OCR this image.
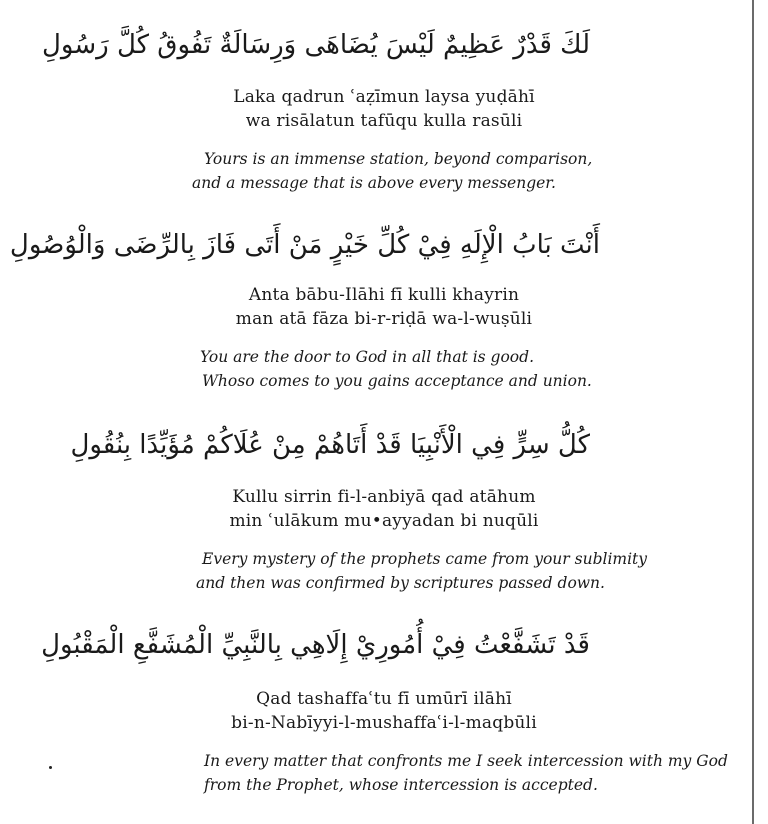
لَكَ قَدْرٌ عَظِيمٌ لَيْسَ يُضَاهَى وَرِسَالَةٌ تَفُوقُ كُلَّ رَسُولِ
Laka qadrun ʿaẓīmun laysa yuḍāhī
wa risālatun tafūqu kulla rasūli
Yours is an immense station, beyond comparison,
and a message that is above every messenger.
أَنْتَ بَابُ الْإِلَهِ فِيْ كُلِّ خَيْرٍ مَنْ أَتَى فَازَ بِالرِّضَى وَالْوُصُولِ
Anta bābu-Ilāhi fī kulli khayrin
man atā fāza bi-r-riḍā wa-l-wuṣūli
You are the door to God in all that is good.
Whoso comes to you gains acceptance and union.
كُلُّ سِرٍّ فِي الْأَنْبِيَا قَدْ أَتَاهُمْ مِنْ عُلَاكُمْ مُؤَيِّدًا بِنُقُولِ
Kullu sirrin fi-l-anbiyā qad atāhum
min ʿulākum mu•ayyadan bi nuqūli
Every mystery of the prophets came from your sublimity
and then was confirmed by scriptures passed down.
قَدْ تَشَفَّعْتُ فِيْ أُمُورِيْ إِلَاهِي بِالنَّبِيِّ الْمُشَفَّعِ الْمَقْبُولِ
Qad tashaffaʿtu fī umūrī ilāhī
bi-n-Nabīyyi-l-mushaffaʿi-l-maqbūli
In every matter that confronts me I seek intercession with my God
from the Prophet, whose intercession is accepted.
